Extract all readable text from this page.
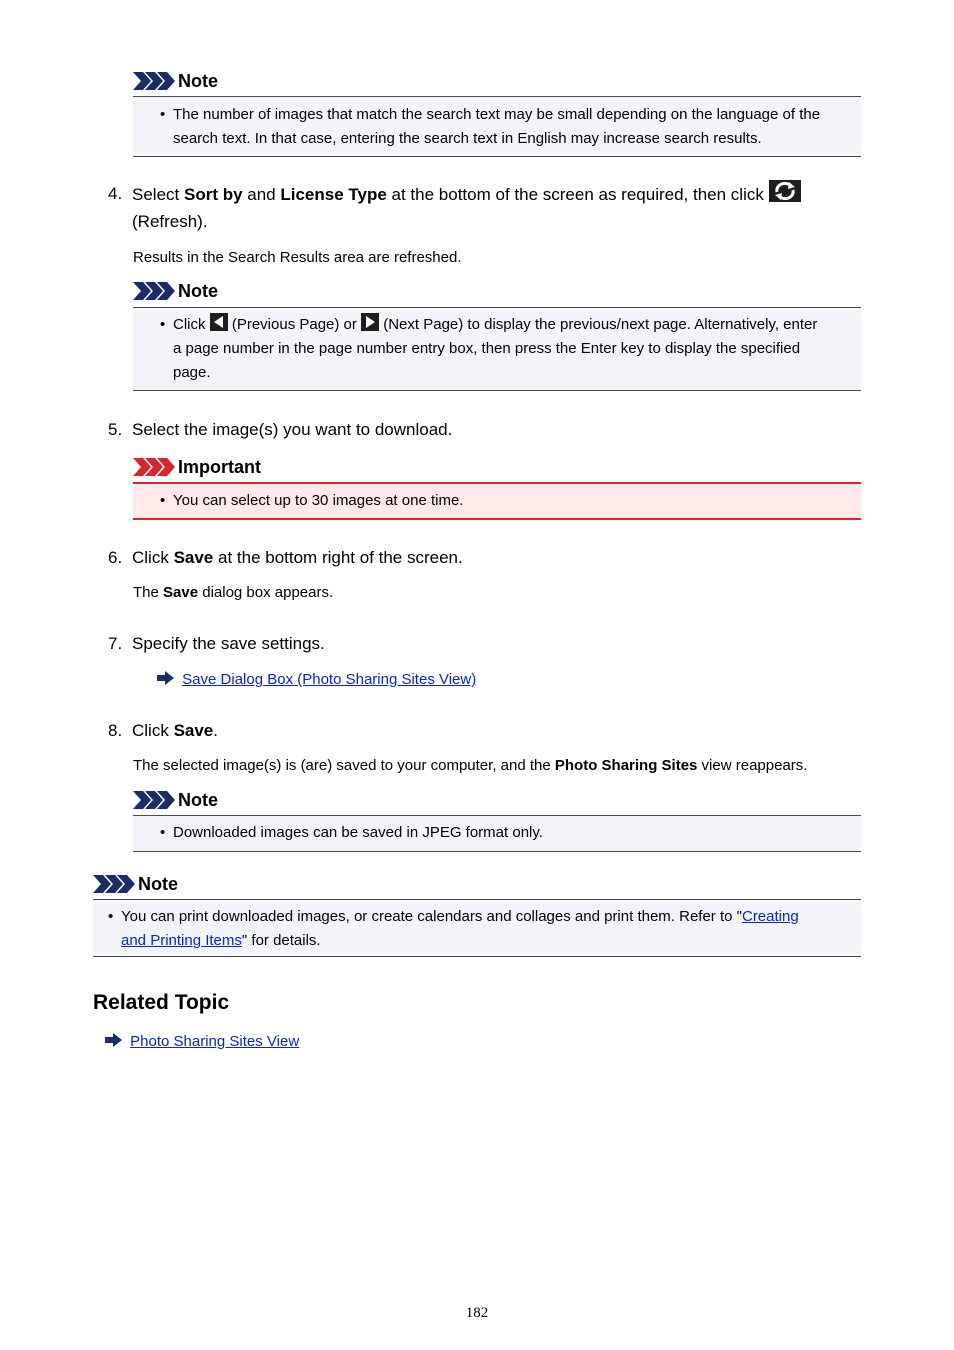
Note
• The number of images that match the search text may be small depending on the language of the
search text. In that case, entering the search text in English may increase search results.
4. Select Sort by and License Type at the bottom of the screen as required, then click
(Refresh).
Results in the Search Results area are refreshed.
Note
• Click  (Previous Page) or  (Next Page) to display the previous/next page. Alternatively, enter
a page number in the page number entry box, then press the Enter key to display the specified
page.
5. Select the image(s) you want to download.
Important
• You can select up to 30 images at one time.
6. Click Save at the bottom right of the screen.
The Save dialog box appears.
7. Specify the save settings.
Save Dialog Box (Photo Sharing Sites View)
8. Click Save.
The selected image(s) is (are) saved to your computer, and the Photo Sharing Sites view reappears.
Note
• Downloaded images can be saved in JPEG format only.
Note
• You can print downloaded images, or create calendars and collages and print them. Refer to "Creating
and Printing Items" for details.
Related Topic
Photo Sharing Sites View
182
